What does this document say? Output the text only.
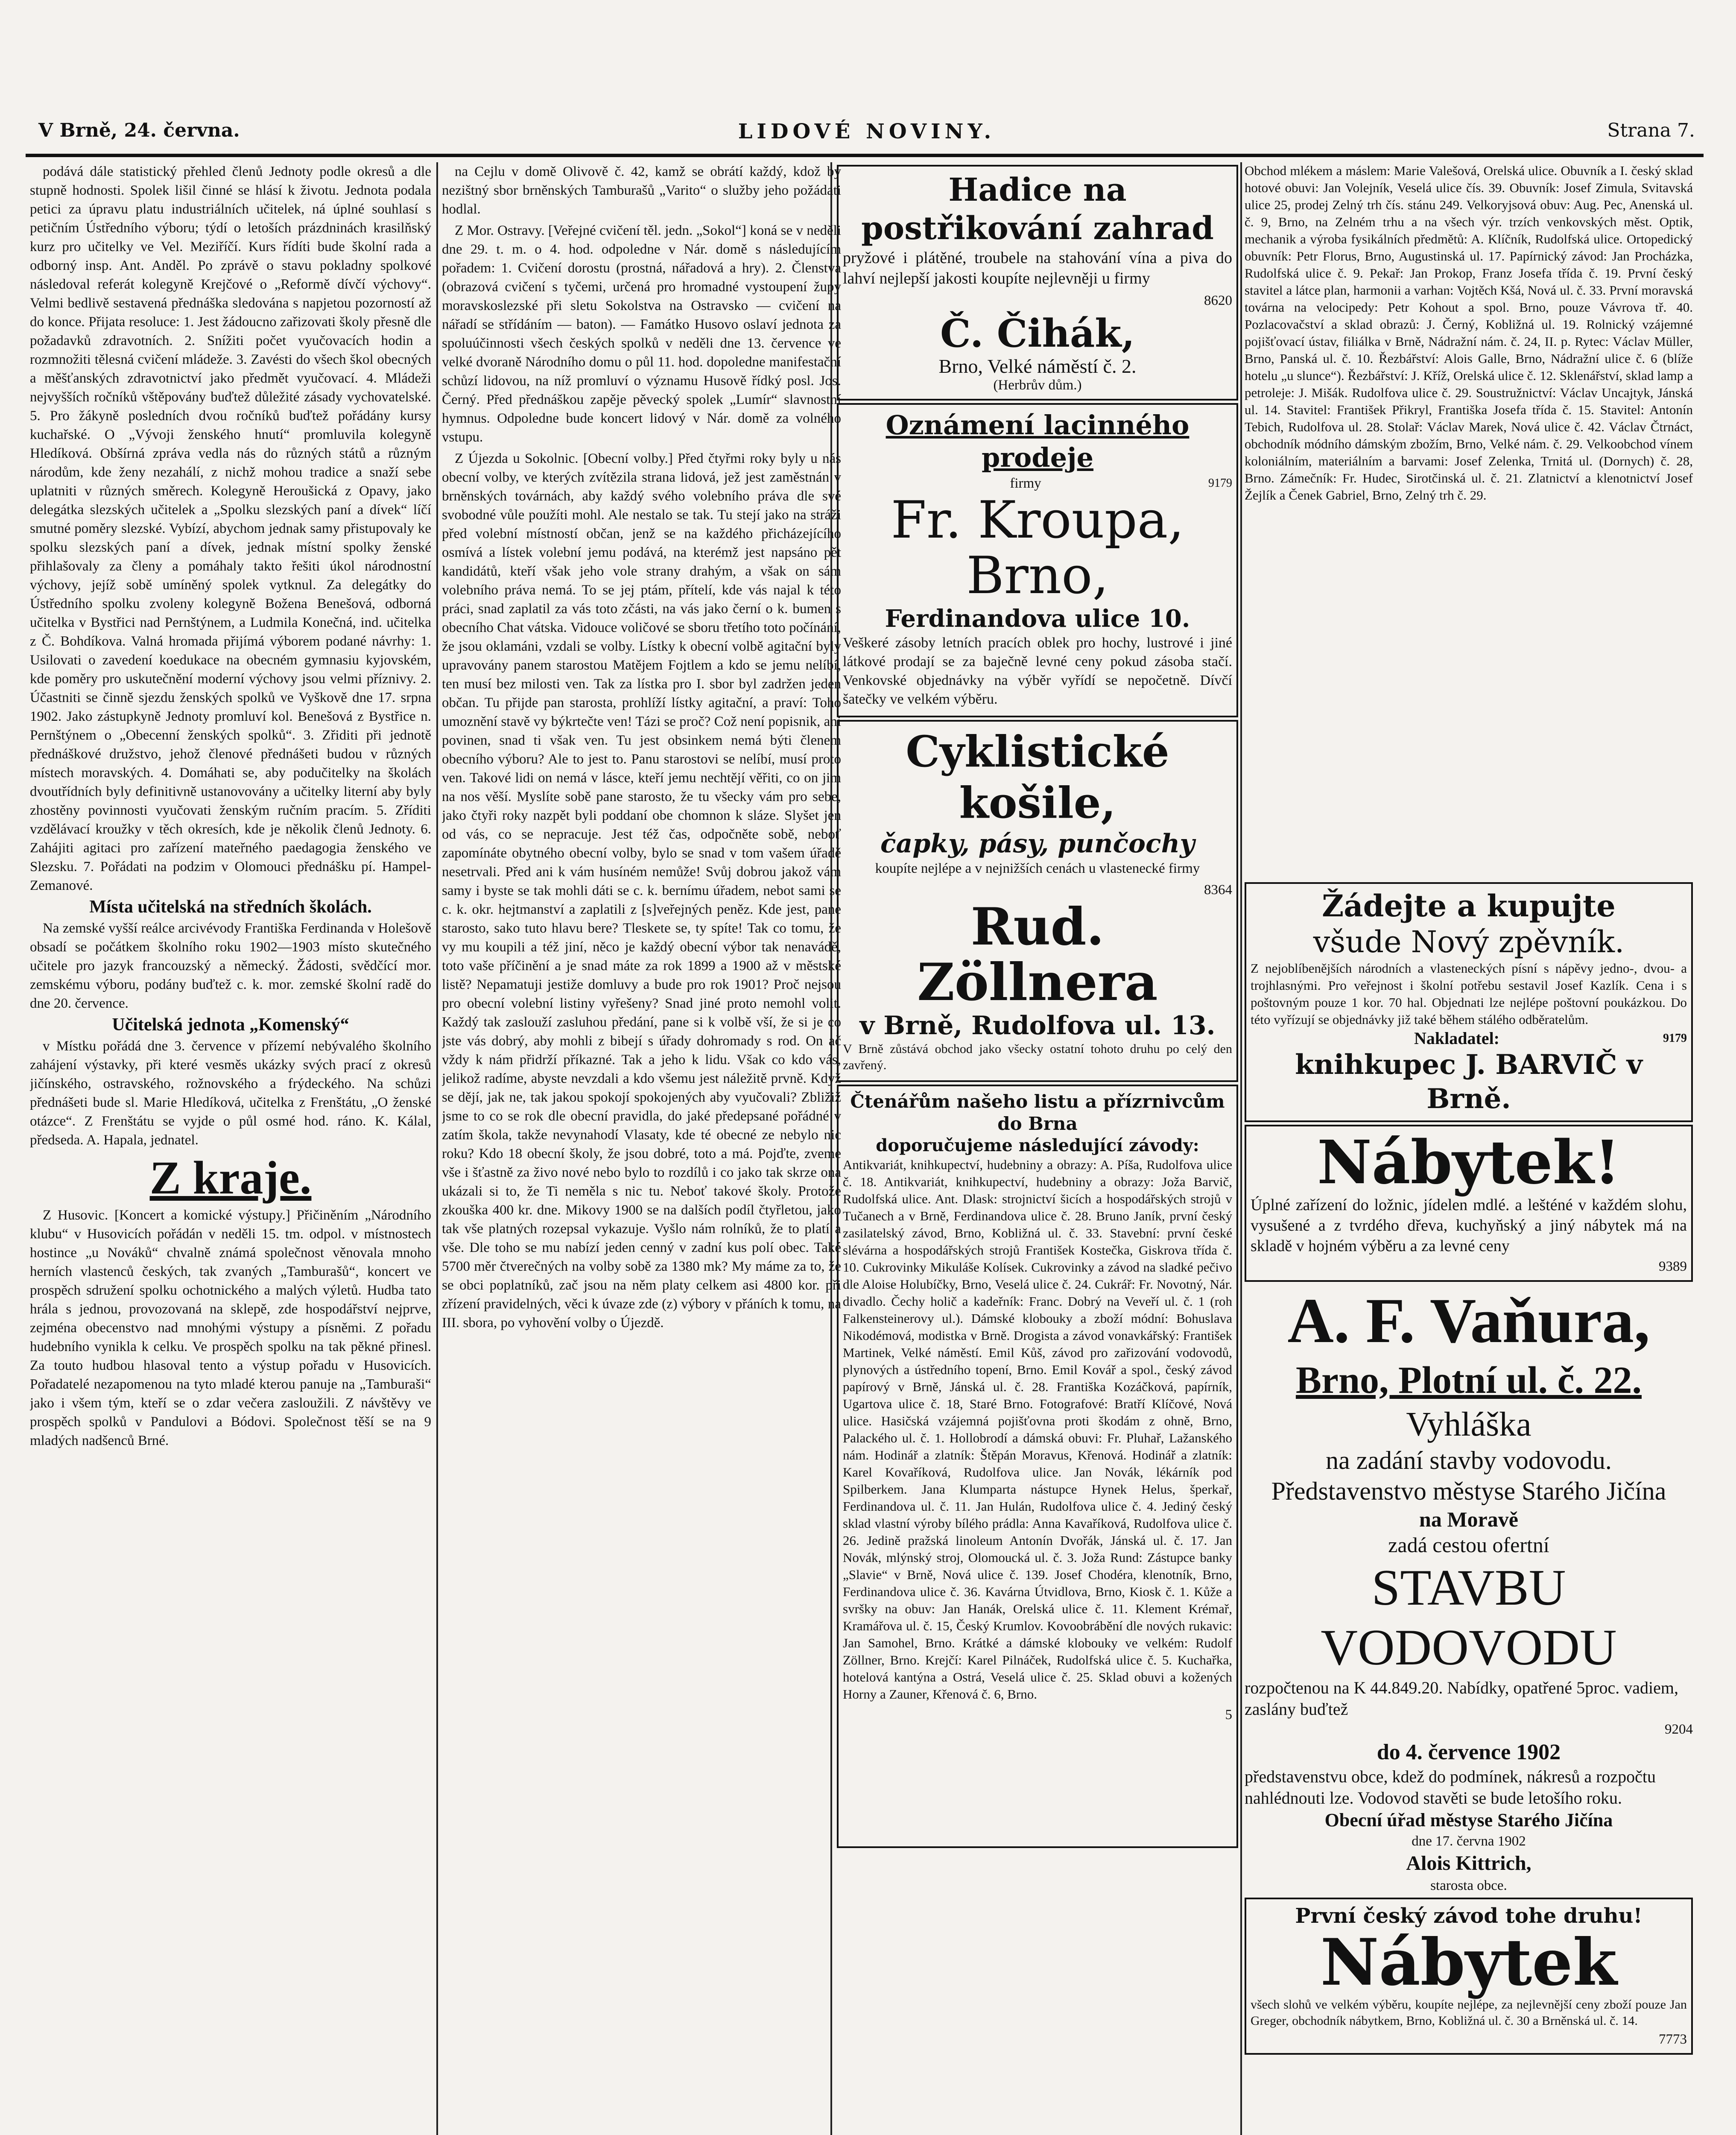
V Brně, 24. června.	LIDOVÉ NOVINY.	Strana 7.

podává dále statistický přehled členů Jednoty podle okresů a dle stupně hodnosti. Spolek lišil činné se hlásí k životu. Jednota podala petici za úpravu platu industriálních učitelek, ná úplné souhlasí s petičním Ústředního výboru; týdí o letoších prázdninách krasilňský kurz pro učitelky ve Vel. Meziříčí. Kurs řídíti bude školní rada a odborný insp. Ant. Anděl. Po zprávě o stavu pokladny spolkové následoval referát kolegyně Krejčové o „Reformě dívčí výchovy“. Velmi bedlivě sestavená přednáška sledována s napjetou pozorností až do konce. Přijata resoluce: 1. Jest žádoucno zařizovati školy přesně dle požadavků zdravotních. 2. Snížiti počet vyučovacích hodin a rozmnožiti tělesná cvičení mládeže. 3. Zavésti do všech škol obecných a měšťanských zdravotnictví jako předmět vyučovací. 4. Mládeži nejvyšších ročníků vštěpovány buďtež důležité zásady vychovatelské. 5. Pro žákyně posledních dvou ročníků buďtež pořádány kursy kuchařské. O „Vývoji ženského hnutí“ promluvila kolegyně Hledíková. Obšírná zpráva vedla nás do různých států a různým národům, kde ženy nezahálí, z nichž mohou tradice a snaží sebe uplatniti v různých směrech. Kolegyně Heroušická z Opavy, jako delegátka slezských učitelek a „Spolku slezských paní a dívek“ líčí smutné poměry slezské. Vybízí, abychom jednak samy přistupovaly ke spolku slezských paní a dívek, jednak místní spolky ženské přihlašovaly za členy a pomáhaly takto řešiti úkol národnostní výchovy, jejíž sobě umíněný spolek vytknul. Za delegátky do Ústředního spolku zvoleny kolegyně Božena Benešová, odborná učitelka v Bystřici nad Pernštýnem, a Ludmila Konečná, ind. učitelka z Č. Bohdíkova. Valná hromada přijímá výborem podané návrhy: 1. Usilovati o zavedení koedukace na obecném gymnasiu kyjovském, kde poměry pro uskutečnění moderní výchovy jsou velmi příznivy. 2. Účastniti se činně sjezdu ženských spolků ve Vyškově dne 17. srpna 1902. Jako zástupkyně Jednoty promluví kol. Benešová z Bystřice n. Pernštýnem o „Obecenní ženských spolků“. 3. Zřiditi při jednotě přednáškové družstvo, jehož členové přednášeti budou v různých místech moravských. 4. Domáhati se, aby podučitelky na školách dvoutřídních byly definitivně ustanovovány a učitelky literní aby byly zhostěny povinnosti vyučovati ženským ručním pracím. 5. Zříditi vzdělávací kroužky v těch okresích, kde je několik členů Jednoty. 6. Zahájiti agitaci pro zařízení mateřného paedagogia ženského ve Slezsku. 7. Pořádati na podzim v Olomouci přednášku pí. Hampel-Zemanové.

Místa učitelská na středních školách.

Na zemské vyšší reálce arcivévody Františka Ferdinanda v Holešově obsadí se počátkem školního roku 1902—1903 místo skutečného učitele pro jazyk francouzský a německý. Žádosti, svědčící mor. zemskému výboru, podány buďtež c. k. mor. zemské školní radě do dne 20. července.

Učitelská jednota „Komenský“

v Místku pořádá dne 3. července v přízemí nebývalého školního zahájení výstavky, při které vesměs ukázky svých prací z okresů jičínského, ostravského, rožnovského a frýdeckého. Na schůzi přednášeti bude sl. Marie Hledíková, učitelka z Frenštátu, „O ženské otázce“. Z Frenštátu se vyjde o půl osmé hod. ráno. K. Kálal, předseda. A. Hapala, jednatel.

Z kraje.

Z Husovic. [Koncert a komické výstupy.] Přičiněním „Národního klubu“ v Husovicích pořádán v neděli 15. tm. odpol. v místnostech hostince „u Nováků“ chvalně známá společnost věnovala mnoho herních vlastenců českých, tak zvaných „Tamburašů“, koncert ve prospěch sdružení spolku ochotnického a malých výletů. Hudba tato hrála s jednou, provozovaná na sklepě, zde hospodářství nejprve, zejména obecenstvo nad mnohými výstupy a písněmi. Z pořadu hudebního vynikla k celku. Ve prospěch spolku na tak pěkné přinesl. Za touto hudbou hlasoval tento a výstup pořadu v Husovicích. Pořadatelé nezapomenou na tyto mladé kterou panuje na „Tamburaši“ jako i všem tým, kteří se o zdar večera zasloužili. Z návštěvy ve prospěch spolků v Pandulovi a Bódovi. Společnost těší se na 9 mladých nadšenců Brné.

na Cejlu v domě Olivově č. 42, kamž se obrátí každý, kdož by nezištný sbor brněnských Tamburašů „Varito“ o služby jeho požádati hodlal.

Z Mor. Ostravy. [Veřejné cvičení těl. jedn. „Sokol“] koná se v neděli dne 29. t. m. o 4. hod. odpoledne v Nár. domě s následujícím pořadem: 1. Cvičení dorostu (prostná, nářadová a hry). 2. Členstva (obrazová cvičení s tyčemi, určená pro hromadné vystoupení župy moravskoslezské při sletu Sokolstva na Ostravsko — cvičení na nářadí se střídáním — baton). — Famátko Husovo oslaví jednota za spoluúčinnosti všech českých spolků v neděli dne 13. července ve velké dvoraně Národního domu o půl 11. hod. dopoledne manifestační schůzí lidovou, na níž promluví o významu Husově řídký posl. Jos. Černý. Před přednáškou zapěje pěvecký spolek „Lumír“ slavnostní hymnus. Odpoledne bude koncert lidový v Nár. domě za volného vstupu.

Z Újezda u Sokolnic. [Obecní volby.] Před čtyřmi roky byly u nás obecní volby, ve kterých zvítězila strana lidová, jež jest zaměstnán v brněnských továrnách, aby každý svého volebního práva dle své svobodné vůle použíti mohl. Ale nestalo se tak. Tu stejí jako na stráži před volební místností občan, jenž se na každého přicházejícího osmívá a lístek volební jemu podává, na kterémž jest napsáno pět kandidátů, kteří však jeho vole strany drahým, a však on sám volebního práva nemá. To se jej ptám, přítelí, kde vás najal k této práci, snad zaplatil za vás toto zčásti, na vás jako černí o k. bumen s obecního Chat vátska. Vidouce voličové se sboru třetího toto počínání, že jsou oklamáni, vzdali se volby. Lístky k obecní volbě agitační byly upravovány panem starostou Matějem Fojtlem a kdo se jemu nelíbí, ten musí bez milosti ven. Tak za lístka pro I. sbor byl zadržen jeden občan. Tu přijde pan starosta, prohlíží lístky agitační, a praví: Toho umoznění stavě vy býkrtečte ven! Tázi se proč? Což není popisnik, ani povinen, snad ti však ven. Tu jest obsinkem nemá býti členem obecního výboru? Ale to jest to. Panu starostovi se nelíbí, musí proto ven. Takové lidi on nemá v lásce, kteří jemu nechtějí věřiti, co on jim na nos věší. Myslíte sobě pane starosto, že tu všecky vám pro sebe, jako čtyři roky nazpět byli poddaní obe chomnon k sláze. Slyšet jen od vás, co se nepracuje. Jest též čas, odpočněte sobě, neboť zapomínáte obytného obecní volby, bylo se snad v tom vašem úřadě nesetrvali. Před ani k vám husíném nemůže! Svůj dobrou jakož vám samy i byste se tak mohli dáti se c. k. bernímu úřadem, nebot sami se c. k. okr. hejtmanství a zaplatili z [s]veřejných peněz. Kde jest, pane starosto, sako tuto hlavu bere? Tleskete se, ty spíte! Tak co tomu, že vy mu koupili a též jiní, něco je každý obecní výbor tak nenavádě, toto vaše příčinění a je snad máte za rok 1899 a 1900 až v městské listě? Nepamatuji jestiže domluvy a bude pro rok 1901? Proč nejsou pro obecní volební listiny vyřešeny? Snad jiné proto nemohl volit. Každý tak zaslouží zasluhou předání, pane si k volbě vší, že si je co jste vás dobrý, aby mohli z bibejí s úřady dohromady s rod. On ač vždy k nám přidrží příkazné. Tak a jeho k lidu. Však co kdo vás, jelikož radíme, abyste nevzdali a kdo všemu jest náležitě prvně. Když se dějí, jak ne, tak jakou spokojí spokojených aby vyučovali? Zbližiž jsme to co se rok dle obecní pravidla, do jaké předepsané pořádné v zatím škola, takže nevynahodí Vlasaty, kde té obecné ze nebylo nic roku? Kdo 18 obecní školy, že jsou dobré, toto a má. Pojďte, zveme vše i šťastně za živo nové nebo bylo to rozdílů i co jako tak skrze ona ukázali si to, že Ti neměla s nic tu. Neboť takové školy. Protože zkouška 400 kr. dne. Mikovy 1900 se na dalších podíl čtyřletou, jako tak vše platných rozepsal vykazuje. Vyšlo nám rolníků, že to platí a vše. Dle toho se mu nabízí jeden cenný v zadní kus polí obec. Také 5700 měr čtverečných na volby sobě za 1380 mk? My máme za to, že se obci poplatníků, zač jsou na něm platy celkem asi 4800 kor. při zřízení pravidelných, věci k úvaze zde (z) výbory v přáních k tomu, na III. sbora, po vyhovění volby o Újezdě.

Hadice na postřikování zahrad

pryžové i plátěné, troubele na stahování vína a piva do lahví nejlepší jakosti koupíte nejlevněji u firmy

8620
Č. Čihák,
Brno, Velké náměstí č. 2.
(Herbrův dům.)
Oznámení lacinného prodeje
firmy	9179
Fr. Kroupa, Brno,
Ferdinandova ulice 10.

Veškeré zásoby letních pracích oblek pro hochy, lustrové i jiné látkové prodají se za baječně levné ceny pokud zásoba stačí. Venkovské objednávky na výběr vyřídí se nepočetně. Dívčí šatečky ve velkém výběru.

Cyklistické košile,
čapky, pásy, punčochy

koupíte nejlépe a v nejnižších cenách u vlastenecké firmy

8364
Rud. Zöllnera
v Brně, Rudolfova ul. 13.

V Brně zůstává obchod jako všecky ostatní tohoto druhu po celý den zavřený.

Čtenářům našeho listu a přízrnivcům do Brna
doporučujeme následující závody:

Antikvariát, knihkupectví, hudebniny a obrazy: A. Píša, Rudolfova ulice č. 18. Antikvariát, knihkupectví, hudebniny a obrazy: Joža Barvič, Rudolfská ulice. Ant. Dlask: strojnictví šicích a hospodářských strojů v Tučanech a v Brně, Ferdinandova ulice č. 28. Bruno Janík, první český zasilatelský závod, Brno, Kobližná ul. č. 33. Stavební: první české slévárna a hospodářských strojů František Kostečka, Giskrova třída č. 10. Cukrovinky Mikuláše Kolísek. Cukrovinky a závod na sladké pečivo dle Aloise Holubíčky, Brno, Veselá ulice č. 24. Cukrář: Fr. Novotný, Nár. divadlo. Čechy holič a kadeřník: Franc. Dobrý na Veveří ul. č. 1 (roh Falkensteinerovy ul.). Dámské klobouky a zboží módní: Bohuslava Nikodémová, modistka v Brně. Drogista a závod vonavkářský: František Martinek, Velké náměstí. Emil Kůš, závod pro zařizování vodovodů, plynových a ústředního topení, Brno. Emil Kovář a spol., český závod papírový v Brně, Jánská ul. č. 28. Františka Kozáčková, papírník, Ugartova ulice č. 18, Staré Brno. Fotografové: Bratří Klíčové, Nová ulice. Hasičská vzájemná pojišťovna proti škodám z ohně, Brno, Palackého ul. č. 1. Hollobrodí a dámská obuvi: Fr. Pluhař, Lažanského nám. Hodinář a zlatník: Štěpán Moravus, Křenová. Hodinář a zlatník: Karel Kovaříková, Rudolfova ulice. Jan Novák, lékárník pod Spilberkem. Jana Klumparta nástupce Hynek Helus, šperkař, Ferdinandova ul. č. 11. Jan Hulán, Rudolfova ulice č. 4. Jediný český sklad vlastní výroby bílého prádla: Anna Kavaříková, Rudolfova ulice č. 26. Jedině pražská linoleum Antonín Dvořák, Jánská ul. č. 17. Jan Novák, mlýnský stroj, Olomoucká ul. č. 3. Joža Rund: Zástupce banky „Slavie“ v Brně, Nová ulice č. 139. Josef Chodéra, klenotník, Brno, Ferdinandova ulice č. 36. Kavárna Útvidlova, Brno, Kiosk č. 1. Kůže a svršky na obuv: Jan Hanák, Orelská ulice č. 11. Klement Krémař, Kramářova ul. č. 15, Český Krumlov. Kovoobrábění dle nových rukavic: Jan Samohel, Brno. Krátké a dámské klobouky ve velkém: Rudolf Zöllner, Brno. Krejčí: Karel Pilnáček, Rudolfská ulice č. 5. Kuchařka, hotelová kantýna a Ostrá, Veselá ulice č. 25. Sklad obuvi a kožených Horny a Zauner, Křenová č. 6, Brno.

5

Obchod mlékem a máslem: Marie Valešová, Orelská ulice. Obuvník a I. český sklad hotové obuvi: Jan Volejník, Veselá ulice čís. 39. Obuvník: Josef Zimula, Svitavská ulice 25, prodej Zelný trh čís. stánu 249. Velkoryjsová obuv: Aug. Pec, Anenská ul. č. 9, Brno, na Zelném trhu a na všech výr. trzích venkovských měst. Optik, mechanik a výroba fysikálních předmětů: A. Klíčník, Rudolfská ulice. Ortopedický obuvník: Petr Florus, Brno, Augustinská ul. 17. Papírnický závod: Jan Procházka, Rudolfská ulice č. 9. Pekař: Jan Prokop, Franz Josefa třída č. 19. První český stavitel a látce plan, harmonii a varhan: Vojtěch Kšá, Nová ul. č. 33. První moravská továrna na velocipedy: Petr Kohout a spol. Brno, pouze Vávrova tř. 40. Pozlacovačství a sklad obrazů: J. Černý, Kobližná ul. 19. Rolnický vzájemné pojišťovací ústav, filiálka v Brně, Nádražní nám. č. 24, II. p. Rytec: Václav Müller, Brno, Panská ul. č. 10. Řezbářství: Alois Galle, Brno, Nádražní ulice č. 6 (blíže hotelu „u slunce“). Řezbářství: J. Kříž, Orelská ulice č. 12. Sklenářství, sklad lamp a petroleje: J. Mišák. Rudolfova ulice č. 29. Soustružnictví: Václav Uncajtyk, Jánská ul. 14. Stavitel: František Přikryl, Františka Josefa třída č. 15. Stavitel: Antonín Tebich, Rudolfova ul. 28. Stolař: Václav Marek, Nová ulice č. 42. Václav Čtrnáct, obchodník módního dámským zbožím, Brno, Velké nám. č. 29. Velkoobchod vínem koloniálním, materiálním a barvami: Josef Zelenka, Trnitá ul. (Dornych) č. 28, Brno. Zámečník: Fr. Hudec, Sirotčinská ul. č. 21. Zlatnictví a klenotnictví Josef Žejlík a Čenek Gabriel, Brno, Zelný trh č. 29.

Žádejte a kupujte
všude Nový zpěvník.

Z nejoblíbenějších národních a vlasteneckých písní s nápěvy jedno-, dvou- a trojhlasnými. Pro veřejnost i školní potřebu sestavil Josef Kazlík. Cena i s poštovným pouze 1 kor. 70 hal. Objednati lze nejlépe poštovní poukázkou. Do této vyřízují se objednávky již také během stálého odběratelům.

Nakladatel:	9179
knihkupec J. BARVIČ v Brně.
Nábytek!

Úplné zařízení do ložnic, jídelen mdlé. a lešténé v každém slohu, vysušené a z tvrdého dřeva, kuchyňský a jiný nábytek má na skladě v hojném výběru a za levné ceny

9389
A. F. Vaňura,
Brno, Plotní ul. č. 22.
Vyhláška
na zadání stavby vodovodu.
Představenstvo městyse Starého Jičína
na Moravě
zadá cestou ofertní
STAVBU VODOVODU
rozpočtenou na K 44.849.20. Nabídky, opatřené 5proc. vadiem, zaslány buďtež
9204
do 4. července 1902
představenstvu obce, kdež do podmínek, nákresů a rozpočtu nahlédnouti lze. Vodovod stavěti se bude letošího roku.
Obecní úřad městyse Starého Jičína
dne 17. června 1902
Alois Kittrich,
starosta obce.
První český závod tohe druhu!
Nábytek

všech slohů ve velkém výběru, koupíte nejlépe, za nejlevnější ceny zboží pouze Jan Greger, obchodník nábytkem, Brno, Kobližná ul. č. 30 a Brněnská ul. č. 14.

7773
